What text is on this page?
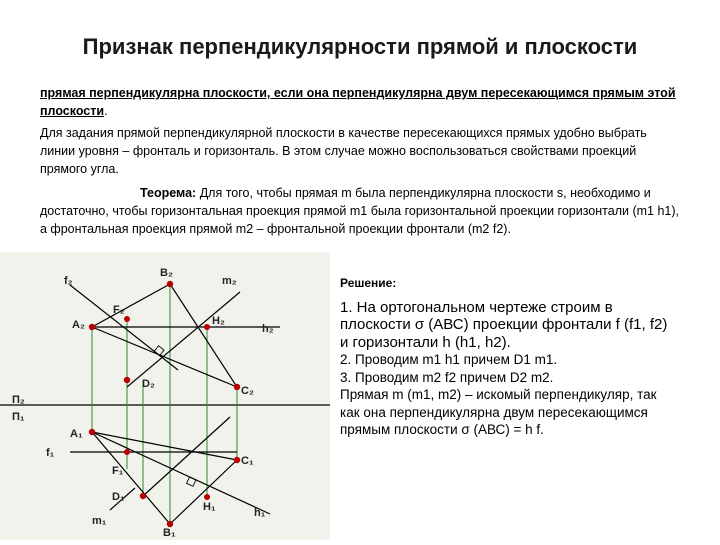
Признак перпендикулярности прямой и плоскости
прямая перпендикулярна плоскости, если она перпендикулярна двум пересекающимся прямым этой плоскости.
Для задания прямой перпендикулярной плоскости в качестве пересекающихся прямых удобно выбрать линии уровня – фронталь и горизонталь. В этом случае можно воспользоваться свойствами проекций прямого угла.
Теорема: Для того, чтобы прямая m была перпендикулярна плоскости s, необходимо и достаточно, чтобы горизонтальная проекция прямой m1 была горизонтальной проекции горизонтали (m1 h1), а фронтальная проекция прямой m2 – фронтальной проекции фронтали (m2 f2).
f₂
B₂
m₂
F₂
A₂	H₂
h₂
D₂
C₂
П₂
П₁
A₁
f₁
C₁
F₁
D₁
H₁	h₁
m₁
B₁
Решение:
1. На ортогональном чертеже строим в плоскости σ (АВС) проекции фронтали f (f1, f2) и горизонтали h (h1, h2).
2. Проводим m1 h1 причем D1 m1.
3. Проводим m2 f2 причем D2 m2.
Прямая m (m1, m2) – искомый перпендикуляр, так как она перпендикулярна двум пересекающимся прямым плоскости σ (АВС) = h f.
